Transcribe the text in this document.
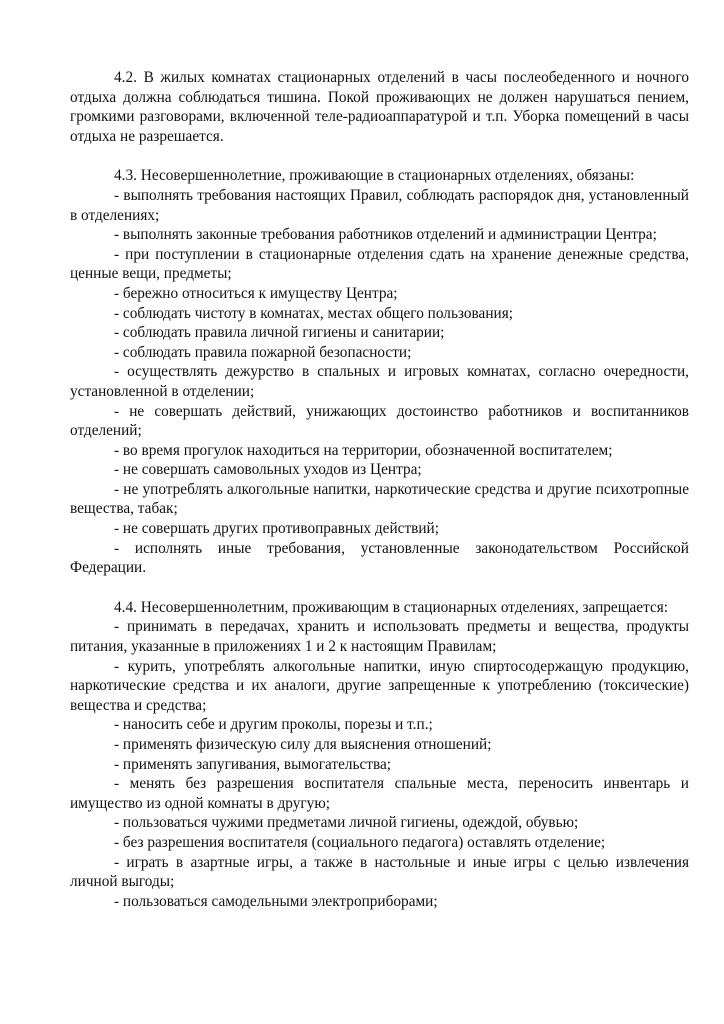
4.2. В жилых комнатах стационарных отделений в часы послеобеденного и ночного отдыха должна соблюдаться тишина. Покой проживающих не должен нарушаться пением, громкими разговорами, включенной теле-радиоаппаратурой и т.п. Уборка помещений в часы отдыха не разрешается.

4.3. Несовершеннолетние, проживающие в стационарных отделениях, обязаны:

- выполнять требования настоящих Правил, соблюдать распорядок дня, установленный в отделениях;

- выполнять законные требования работников отделений и администрации Центра;

- при поступлении в стационарные отделения сдать на хранение денежные средства, ценные вещи, предметы;

- бережно относиться к имуществу Центра;

- соблюдать чистоту в комнатах, местах общего пользования;

- соблюдать правила личной гигиены и санитарии;

- соблюдать правила пожарной безопасности;

- осуществлять дежурство в спальных и игровых комнатах, согласно очередности, установленной в отделении;

- не совершать действий, унижающих достоинство работников и воспитанников отделений;

- во время прогулок находиться на территории, обозначенной воспитателем;

- не совершать самовольных уходов из Центра;

- не употреблять алкогольные напитки, наркотические средства и другие психотропные вещества, табак;

- не совершать других противоправных действий;

- исполнять иные требования, установленные законодательством Российской Федерации.

4.4. Несовершеннолетним, проживающим в стационарных отделениях, запрещается:

- принимать в передачах, хранить и использовать предметы и вещества, продукты питания, указанные в приложениях 1 и 2 к настоящим Правилам;

- курить, употреблять алкогольные напитки, иную спиртосодержащую продукцию, наркотические средства и их аналоги, другие запрещенные к употреблению (токсические) вещества и средства;

- наносить себе и другим проколы, порезы и т.п.;

- применять физическую силу для выяснения отношений;

- применять запугивания, вымогательства;

- менять без разрешения воспитателя спальные места, переносить инвентарь и имущество из одной комнаты в другую;

- пользоваться чужими предметами личной гигиены, одеждой, обувью;

- без разрешения воспитателя (социального педагога) оставлять отделение;

- играть в азартные игры, а также в настольные и иные игры с целью извлечения личной выгоды;

- пользоваться самодельными электроприборами;
